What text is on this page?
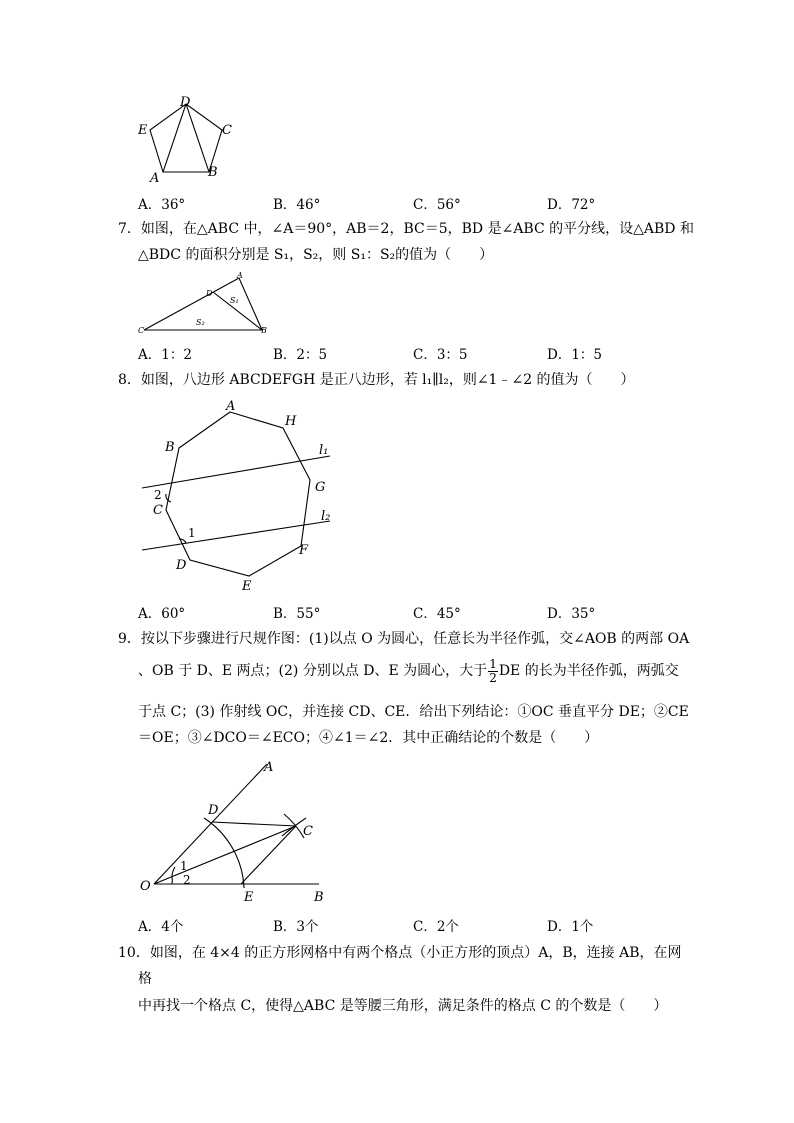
D
E	C
A	B
A．36°	B．46°	C．56°	D．72°
7．如图，在△ABC 中，∠A＝90°，AB＝2，BC＝5，BD 是∠ABC 的平分线，设△ABD 和
△BDC 的面积分别是 S₁，S₂，则 S₁：S₂的值为（　　）
A
D
S₁
S₂
C	B
A．1：2	B．2：5	C．3：5	D．1：5
8．如图，八边形 ABCDEFGH 是正八边形，若 l₁∥l₂，则∠1﹣∠2 的值为（　　）
A
H
B	l₁
G
2
C	l₂
1
F
D
E
A．60°	B．55°	C．45°	D．35°
9．按以下步骤进行尺规作图：(1)以点 O 为圆心，任意长为半径作弧，交∠AOB 的两部 OA
、OB 于 D、E 两点；(2) 分别以点 D、E 为圆心，大于 $\frac{1}{2}$ DE 的长为半径作弧，两弧交
于点 C；(3) 作射线 OC，并连接 CD、CE．给出下列结论：①OC 垂直平分 DE；②CE
＝OE；③∠DCO＝∠ECO；④∠1＝∠2．其中正确结论的个数是（　　）
A
D
C
1
O	2
E	B
A．4个	B．3个	C．2个	D．1个
10．如图，在 4×4 的正方形网格中有两个格点（小正方形的顶点）A，B，连接 AB，在网
格
中再找一个格点 C，使得△ABC 是等腰三角形，满足条件的格点 C 的个数是（　　）
